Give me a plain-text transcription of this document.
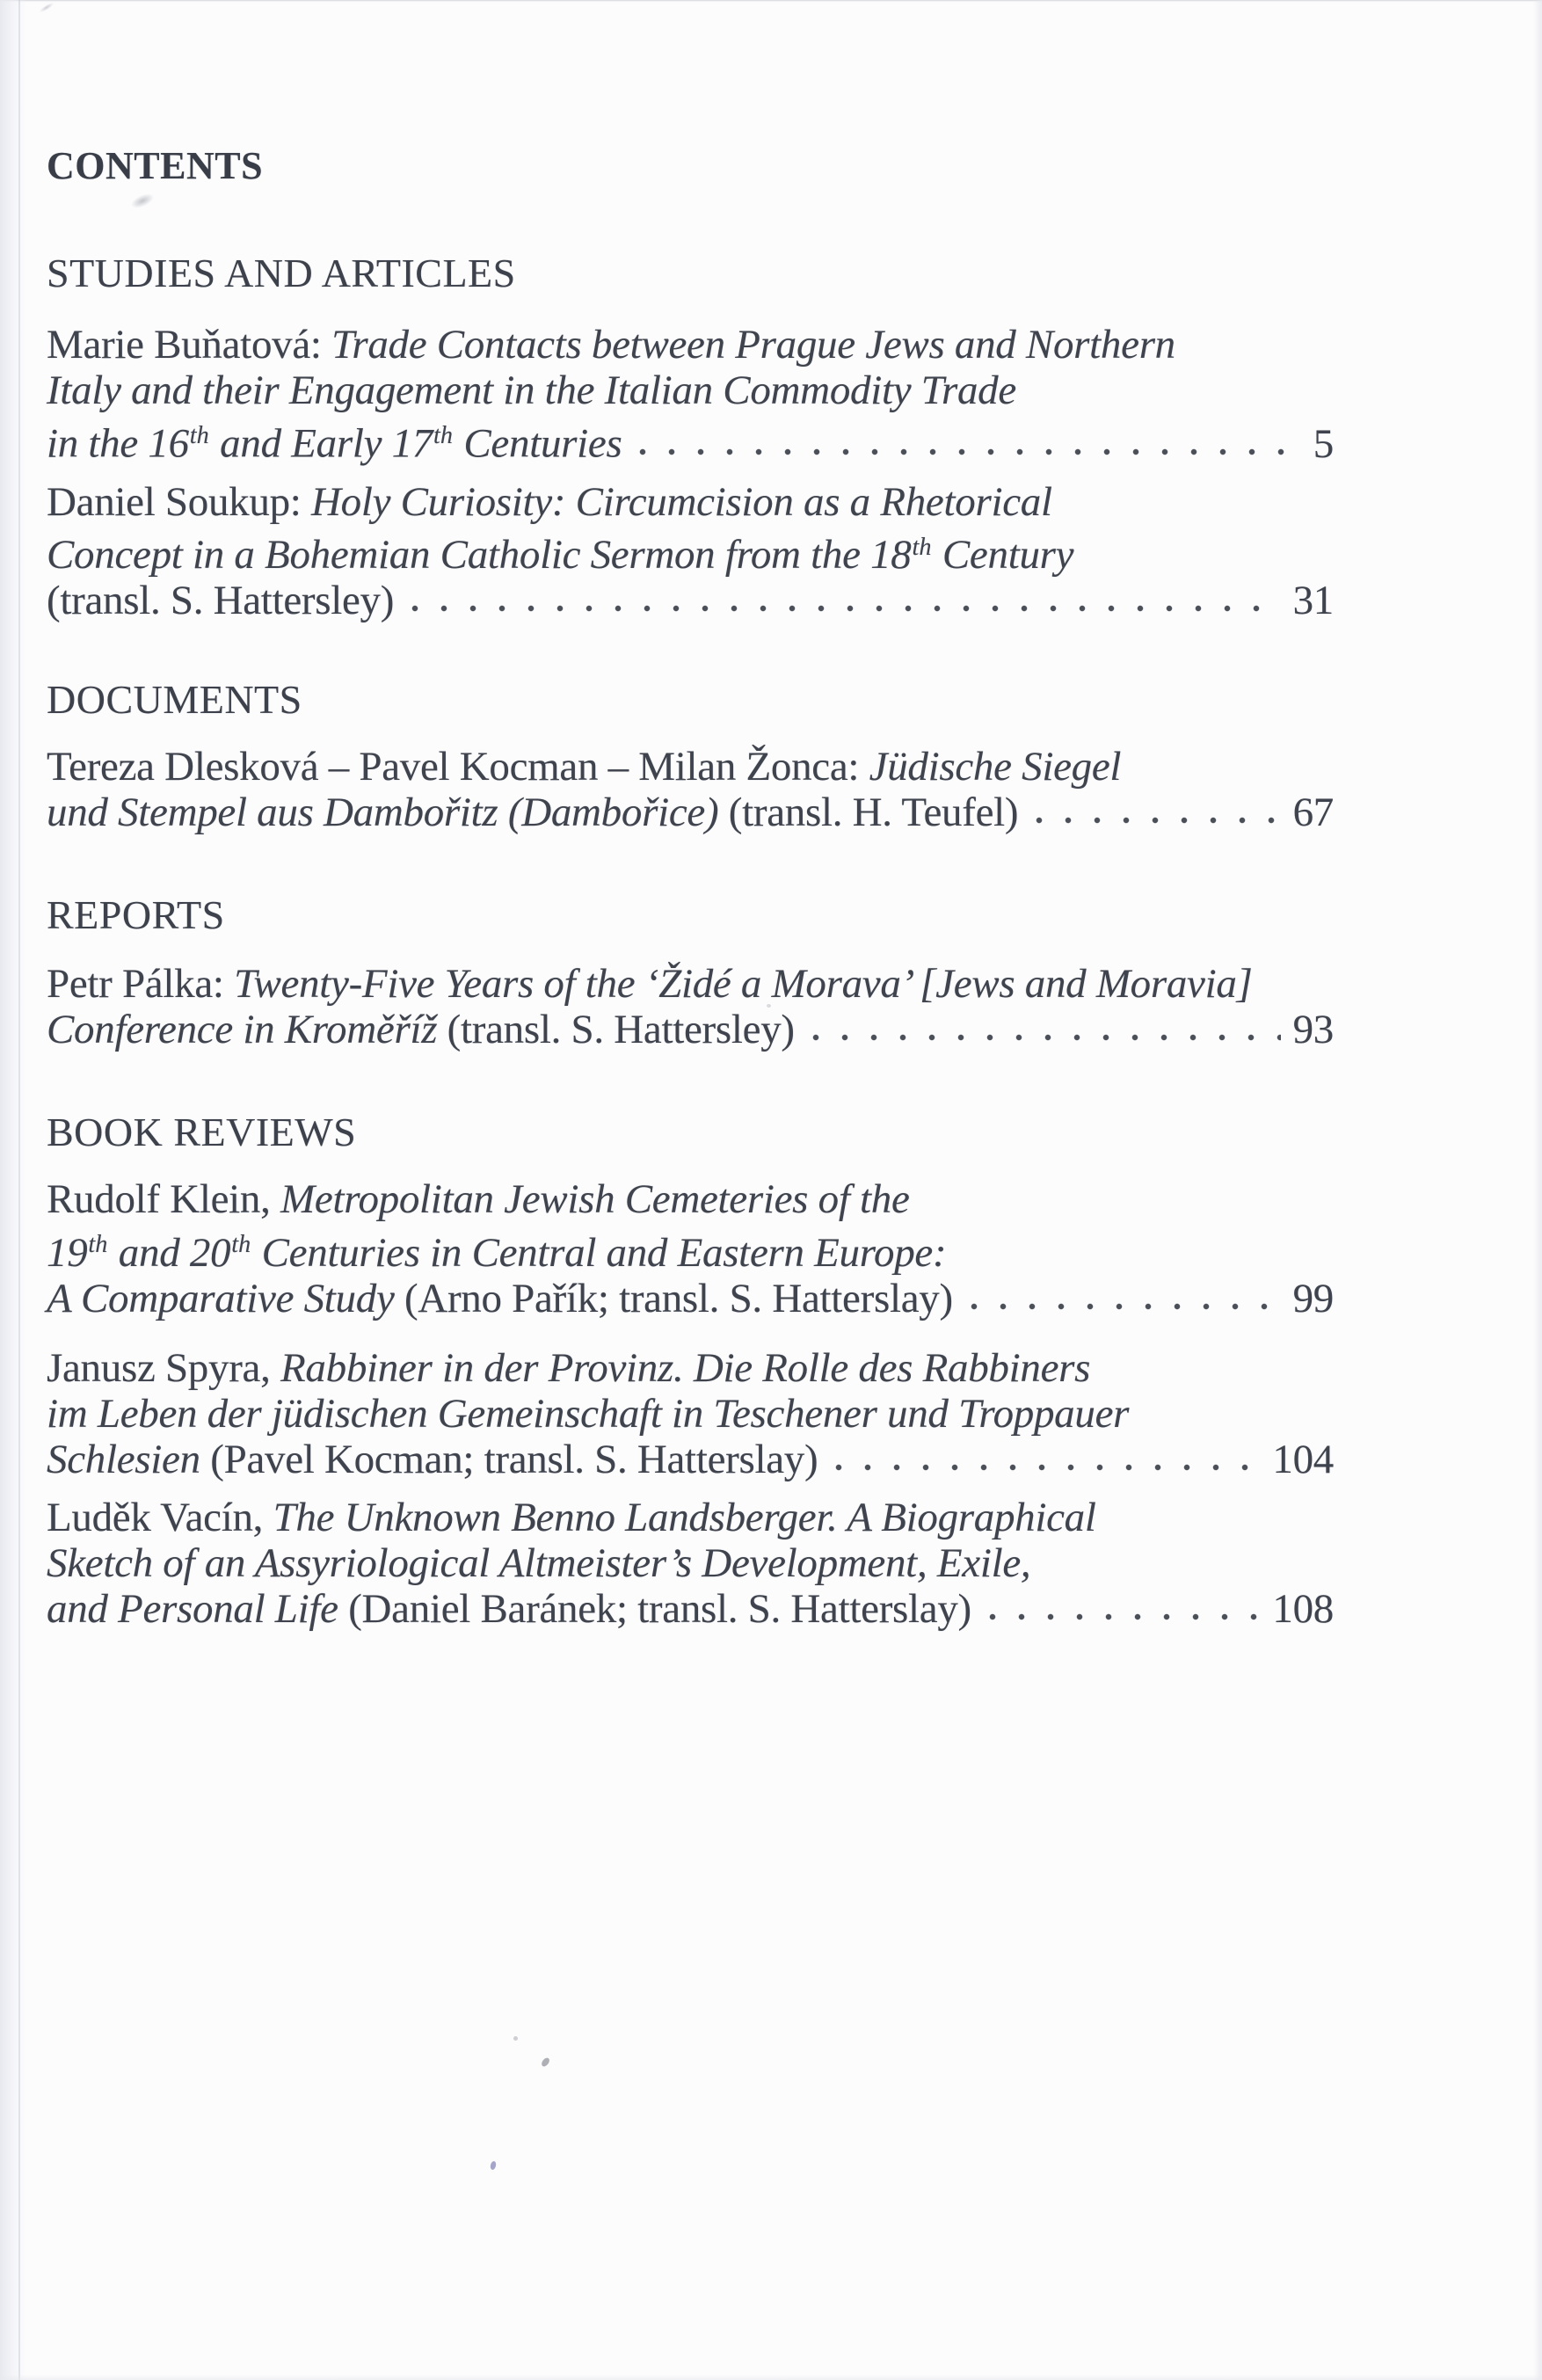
CONTENTS
STUDIES AND ARTICLES
Marie Buňatová: Trade Contacts between Prague Jews and Northern
Italy and their Engagement in the Italian Commodity Trade
in the 16th and Early 17th Centuries	5
Daniel Soukup: Holy Curiosity: Circumcision as a Rhetorical
Concept in a Bohemian Catholic Sermon from the 18th Century
(transl. S. Hattersley)	31
DOCUMENTS
Tereza Dlesková – Pavel Kocman – Milan Žonca: Jüdische Siegel
und Stempel aus Dambořitz (Dambořice) (transl. H. Teufel)	67
REPORTS
Petr Pálka: Twenty-Five Years of the ‘Židé a Morava’ [Jews and Moravia]
Conference in Kroměříž (transl. S. Hattersley)	93
BOOK REVIEWS
Rudolf Klein, Metropolitan Jewish Cemeteries of the
19th and 20th Centuries in Central and Eastern Europe:
A Comparative Study (Arno Pařík; transl. S. Hatterslay)	99
Janusz Spyra, Rabbiner in der Provinz. Die Rolle des Rabbiners
im Leben der jüdischen Gemeinschaft in Teschener und Troppauer
Schlesien (Pavel Kocman; transl. S. Hatterslay)	104
Luděk Vacín, The Unknown Benno Landsberger. A Biographical
Sketch of an Assyriological Altmeister’s Development, Exile,
and Personal Life (Daniel Baránek; transl. S. Hatterslay)	108
